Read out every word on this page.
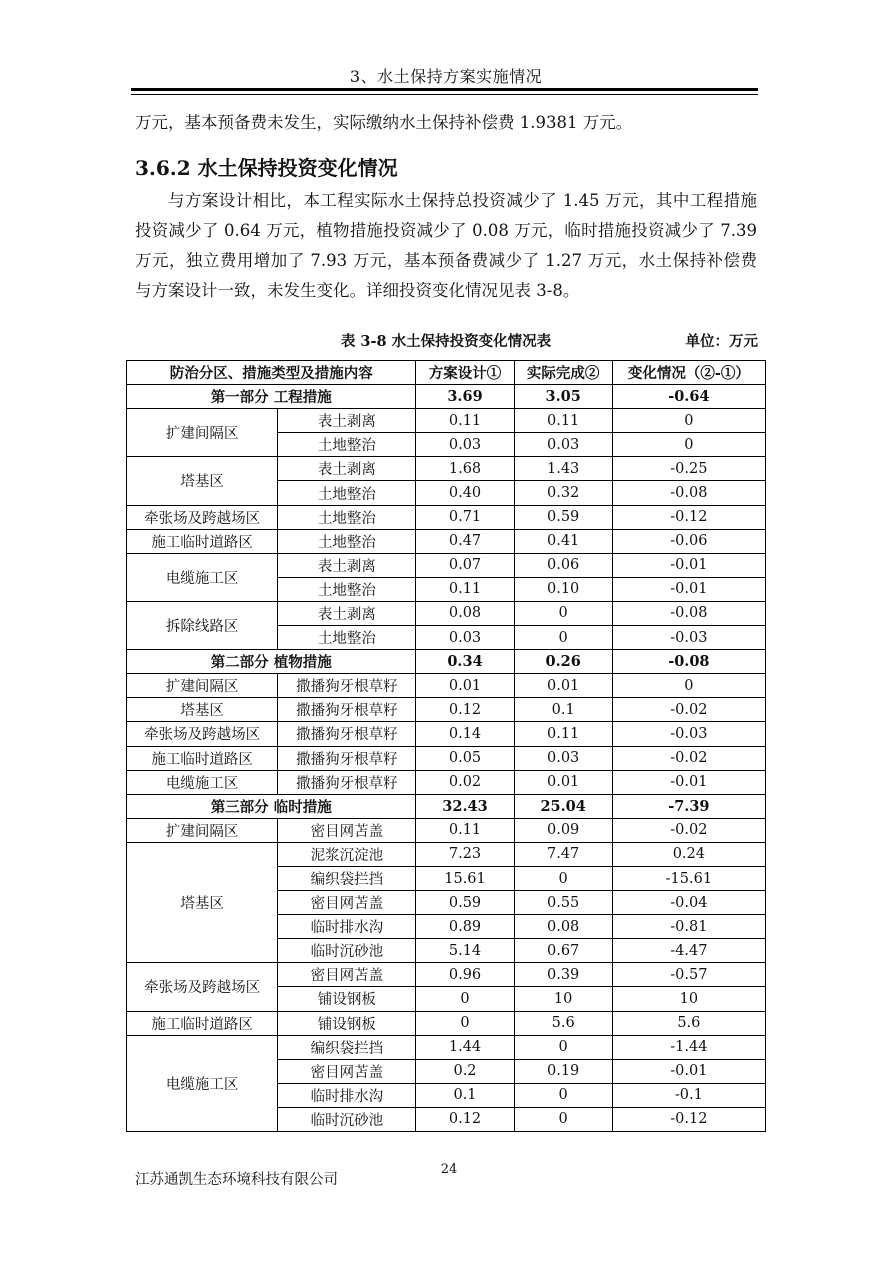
3、水土保持方案实施情况
万元，基本预备费未发生，实际缴纳水土保持补偿费 1.9381 万元。
3.6.2 水土保持投资变化情况
与方案设计相比，本工程实际水土保持总投资减少了 1.45 万元，其中工程措施投资减少了 0.64 万元，植物措施投资减少了 0.08 万元，临时措施投资减少了 7.39 万元，独立费用增加了 7.93 万元，基本预备费减少了 1.27 万元，水土保持补偿费与方案设计一致，未发生变化。详细投资变化情况见表 3-8。
表 3-8 水土保持投资变化情况表	单位：万元
防治分区、措施类型及措施内容		方案设计①	实际完成②	变化情况（②-①）
第一部分 工程措施		3.69	3.05	-0.64
扩建间隔区	表土剥离	0.11	0.11	0
	土地整治	0.03	0.03	0
塔基区	表土剥离	1.68	1.43	-0.25
	土地整治	0.40	0.32	-0.08
牵张场及跨越场区	土地整治	0.71	0.59	-0.12
施工临时道路区	土地整治	0.47	0.41	-0.06
电缆施工区	表土剥离	0.07	0.06	-0.01
	土地整治	0.11	0.10	-0.01
拆除线路区	表土剥离	0.08	0	-0.08
	土地整治	0.03	0	-0.03
第二部分 植物措施		0.34	0.26	-0.08
扩建间隔区	撒播狗牙根草籽	0.01	0.01	0
塔基区	撒播狗牙根草籽	0.12	0.1	-0.02
牵张场及跨越场区	撒播狗牙根草籽	0.14	0.11	-0.03
施工临时道路区	撒播狗牙根草籽	0.05	0.03	-0.02
电缆施工区	撒播狗牙根草籽	0.02	0.01	-0.01
第三部分 临时措施		32.43	25.04	-7.39
扩建间隔区	密目网苫盖	0.11	0.09	-0.02
塔基区	泥浆沉淀池	7.23	7.47	0.24
	编织袋拦挡	15.61	0	-15.61
	密目网苫盖	0.59	0.55	-0.04
	临时排水沟	0.89	0.08	-0.81
	临时沉砂池	5.14	0.67	-4.47
牵张场及跨越场区	密目网苫盖	0.96	0.39	-0.57
	铺设钢板	0	10	10
施工临时道路区	铺设钢板	0	5.6	5.6
电缆施工区	编织袋拦挡	1.44	0	-1.44
	密目网苫盖	0.2	0.19	-0.01
	临时排水沟	0.1	0	-0.1
	临时沉砂池	0.12	0	-0.12
24
江苏通凯生态环境科技有限公司
